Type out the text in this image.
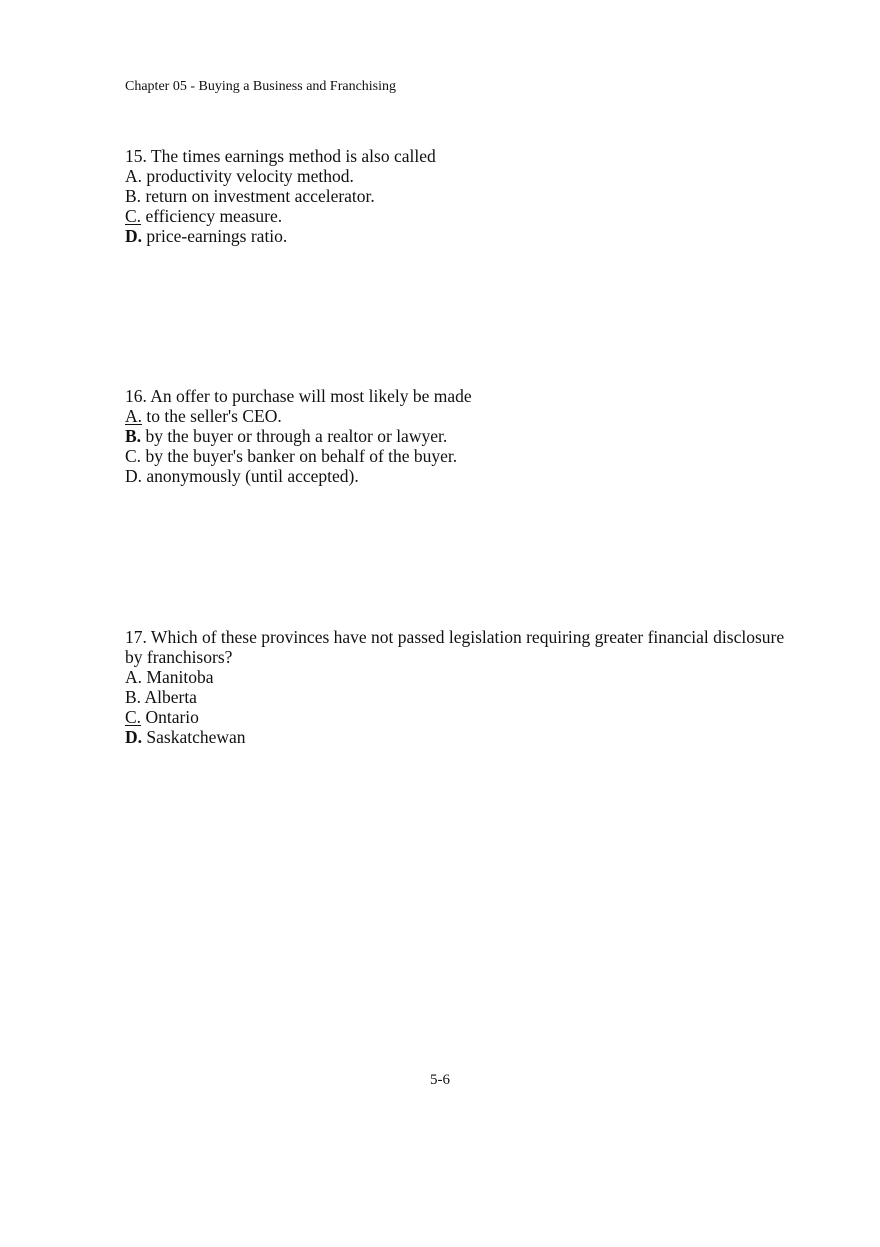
Chapter 05 - Buying a Business and Franchising
15. The times earnings method is also called
A. productivity velocity method.
B. return on investment accelerator.
C. efficiency measure.
D. price-earnings ratio.
16. An offer to purchase will most likely be made
A. to the seller's CEO.
B. by the buyer or through a realtor or lawyer.
C. by the buyer's banker on behalf of the buyer.
D. anonymously (until accepted).
17. Which of these provinces have not passed legislation requiring greater financial disclosure by franchisors?
A. Manitoba
B. Alberta
C. Ontario
D. Saskatchewan
5-6
